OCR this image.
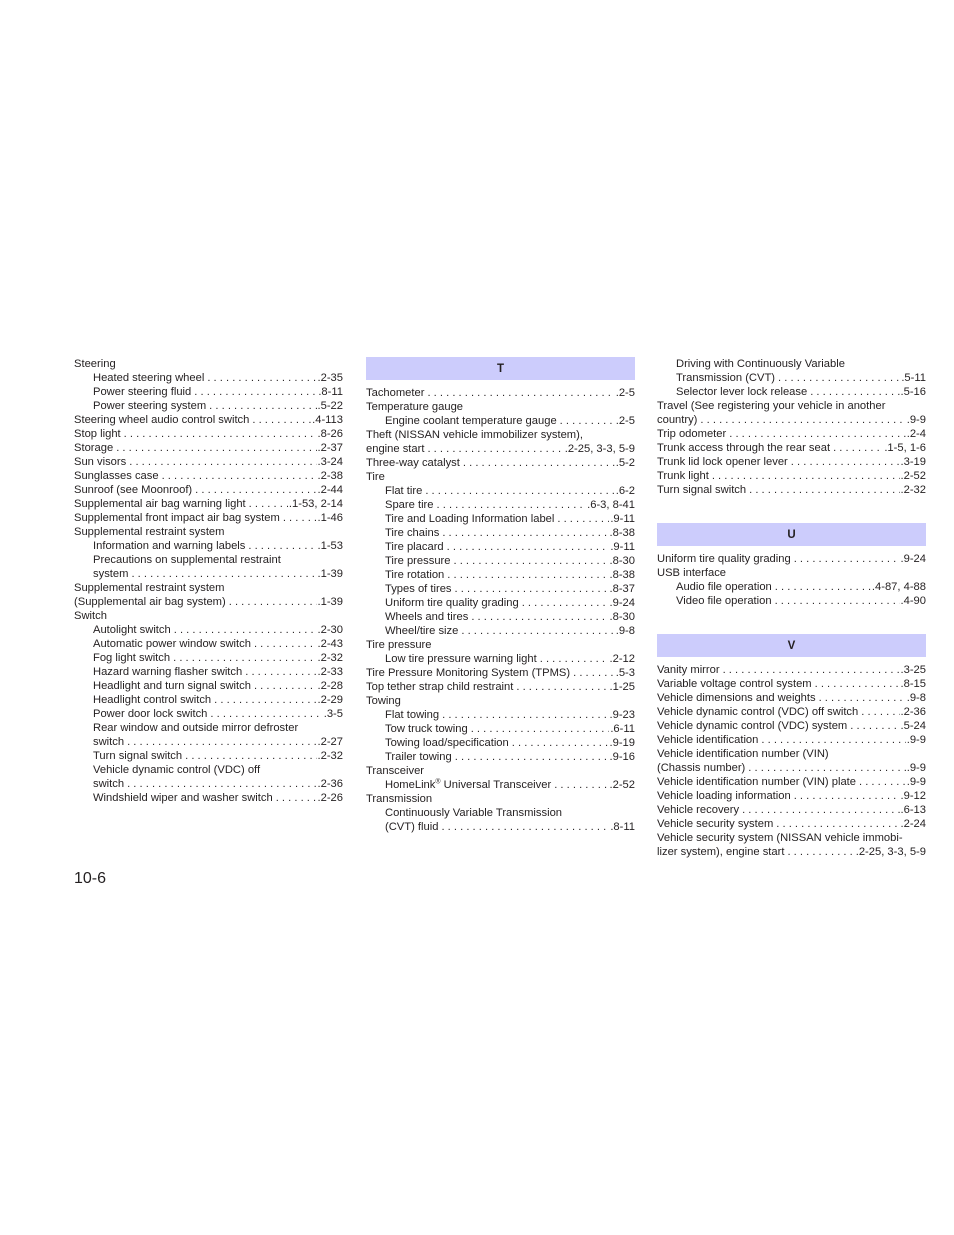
Steering
Heated steering wheel . . .	.2-35
Power steering fluid . . .	.8-11
Power steering system . . .	.5-22
Steering wheel audio control switch . . .	.4-113
Stop light . . .	.8-26
Storage . . .	.2-37
Sun visors . . .	.3-24
Sunglasses case . . .	.2-38
Sunroof (see Moonroof) . . .	.2-44
Supplemental air bag warning light . . .	.1-53, 2-14
Supplemental front impact air bag system . . .	.1-46
Supplemental restraint system
Information and warning labels . . .	.1-53
Precautions on supplemental restraint
system . . .	.1-39
Supplemental restraint system
(Supplemental air bag system) . . .	.1-39
Switch
Autolight switch . . .	.2-30
Automatic power window switch . . .	.2-43
Fog light switch . . .	.2-32
Hazard warning flasher switch . . .	.2-33
Headlight and turn signal switch . . .	.2-28
Headlight control switch . . .	.2-29
Power door lock switch . . .	.3-5
Rear window and outside mirror defroster
switch . . .	.2-27
Turn signal switch . . .	.2-32
Vehicle dynamic control (VDC) off
switch . . .	.2-36
Windshield wiper and washer switch . . .	.2-26
T
Tachometer . . .	.2-5
Temperature gauge
Engine coolant temperature gauge . . .	.2-5
Theft (NISSAN vehicle immobilizer system),
engine start . . .	.2-25, 3-3, 5-9
Three-way catalyst . . .	.5-2
Tire
Flat tire . . .	.6-2
Spare tire . . .	.6-3, 8-41
Tire and Loading Information label . . .	.9-11
Tire chains . . .	.8-38
Tire placard . . .	.9-11
Tire pressure . . .	.8-30
Tire rotation . . .	.8-38
Types of tires . . .	.8-37
Uniform tire quality grading . . .	.9-24
Wheels and tires . . .	.8-30
Wheel/tire size . . .	.9-8
Tire pressure
Low tire pressure warning light . . .	.2-12
Tire Pressure Monitoring System (TPMS) . . .	.5-3
Top tether strap child restraint . . .	.1-25
Towing
Flat towing . . .	.9-23
Tow truck towing . . .	.6-11
Towing load/specification . . .	.9-19
Trailer towing . . .	.9-16
Transceiver
HomeLink® Universal Transceiver . . .	.2-52
Transmission
Continuously Variable Transmission
(CVT) fluid . . .	.8-11
Driving with Continuously Variable
Transmission (CVT) . . .	.5-11
Selector lever lock release . . .	.5-16
Travel (See registering your vehicle in another
country) . . .	.9-9
Trip odometer . . .	.2-4
Trunk access through the rear seat . . .	.1-5, 1-6
Trunk lid lock opener lever . . .	.3-19
Trunk light . . .	.2-52
Turn signal switch . . .	.2-32
U
Uniform tire quality grading . . .	.9-24
USB interface
Audio file operation . . .	.4-87, 4-88
Video file operation . . .	.4-90
V
Vanity mirror . . .	.3-25
Variable voltage control system . . .	.8-15
Vehicle dimensions and weights . . .	.9-8
Vehicle dynamic control (VDC) off switch . . .	.2-36
Vehicle dynamic control (VDC) system . . .	.5-24
Vehicle identification . . .	.9-9
Vehicle identification number (VIN)
(Chassis number) . . .	.9-9
Vehicle identification number (VIN) plate . . .	.9-9
Vehicle loading information . . .	.9-12
Vehicle recovery . . .	.6-13
Vehicle security system . . .	.2-24
Vehicle security system (NISSAN vehicle immobi-
lizer system), engine start . . .	.2-25, 3-3, 5-9
10-6
